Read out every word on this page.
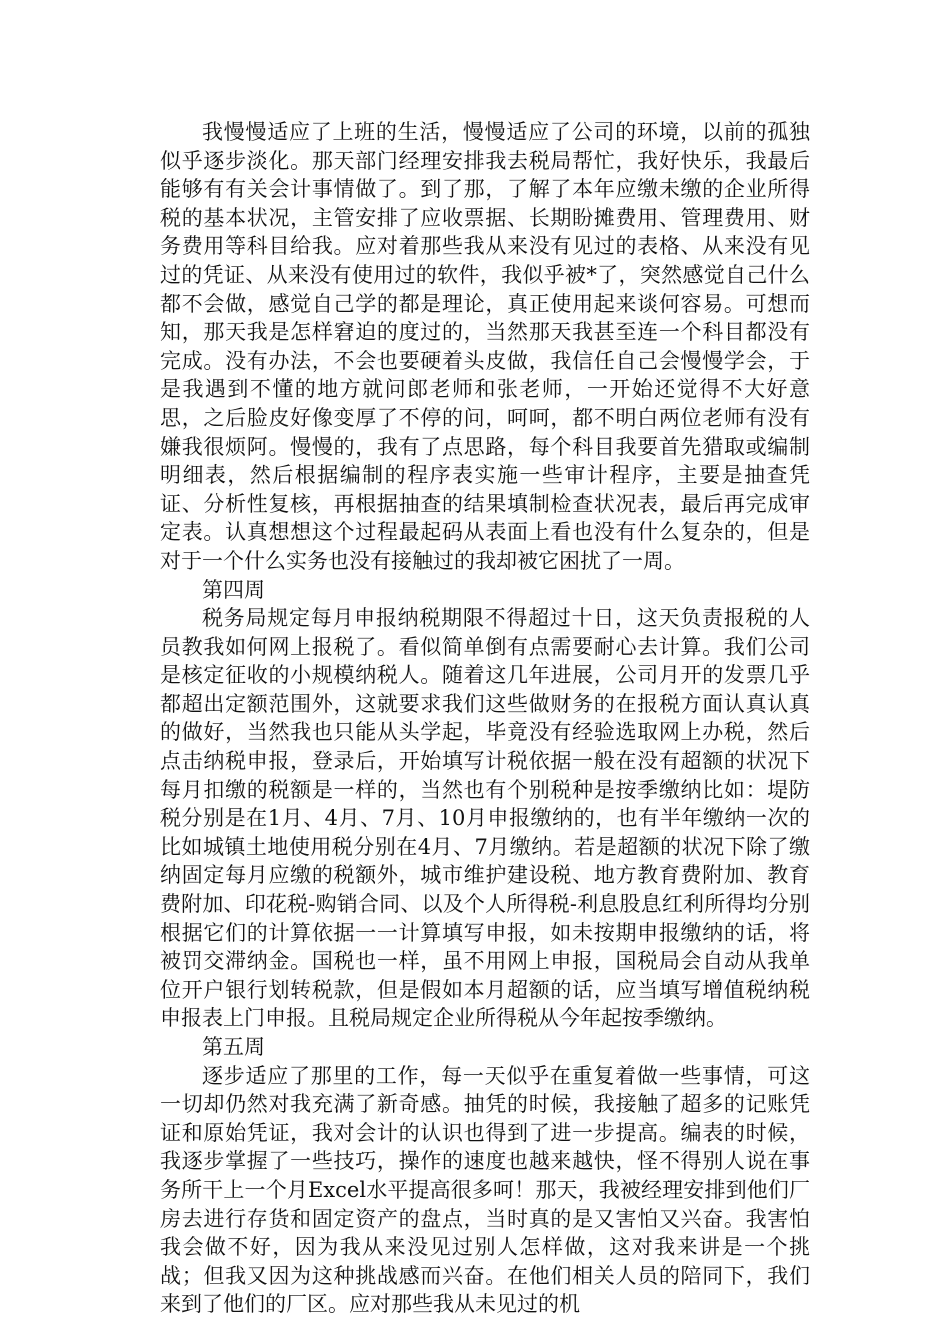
我慢慢适应了上班的生活，慢慢适应了公司的环境，以前的孤独似乎逐步淡化。那天部门经理安排我去税局帮忙，我好快乐，我最后能够有有关会计事情做了。到了那，了解了本年应缴未缴的企业所得税的基本状况，主管安排了应收票据、长期盼摊费用、管理费用、财务费用等科目给我。应对着那些我从来没有见过的表格、从来没有见过的凭证、从来没有使用过的软件，我似乎被*了，突然感觉自己什么都不会做，感觉自己学的都是理论，真正使用起来谈何容易。可想而知，那天我是怎样窘迫的度过的，当然那天我甚至连一个科目都没有完成。没有办法，不会也要硬着头皮做，我信任自己会慢慢学会，于是我遇到不懂的地方就问郎老师和张老师，一开始还觉得不大好意思，之后脸皮好像变厚了不停的问，呵呵，都不明白两位老师有没有嫌我很烦阿。慢慢的，我有了点思路，每个科目我要首先猎取或编制明细表，然后根据编制的程序表实施一些审计程序，主要是抽查凭证、分析性复核，再根据抽查的结果填制检查状况表，最后再完成审定表。认真想想这个过程最起码从表面上看也没有什么复杂的，但是对于一个什么实务也没有接触过的我却被它困扰了一周。

第四周

税务局规定每月申报纳税期限不得超过十日，这天负责报税的人员教我如何网上报税了。看似简单倒有点需要耐心去计算。我们公司是核定征收的小规模纳税人。随着这几年进展，公司月开的发票几乎都超出定额范围外，这就要求我们这些做财务的在报税方面认真认真的做好，当然我也只能从头学起，毕竟没有经验选取网上办税，然后点击纳税申报，登录后，开始填写计税依据一般在没有超额的状况下每月扣缴的税额是一样的，当然也有个别税种是按季缴纳比如：堤防税分别是在1月、4月、7月、10月申报缴纳的，也有半年缴纳一次的比如城镇土地使用税分别在4月、7月缴纳。若是超额的状况下除了缴纳固定每月应缴的税额外，城市维护建设税、地方教育费附加、教育费附加、印花税-购销合同、以及个人所得税-利息股息红利所得均分别根据它们的计算依据一一计算填写申报，如未按期申报缴纳的话，将被罚交滞纳金。国税也一样，虽不用网上申报，国税局会自动从我单位开户银行划转税款，但是假如本月超额的话，应当填写增值税纳税申报表上门申报。且税局规定企业所得税从今年起按季缴纳。

第五周

逐步适应了那里的工作，每一天似乎在重复着做一些事情，可这一切却仍然对我充满了新奇感。抽凭的时候，我接触了超多的记账凭证和原始凭证，我对会计的认识也得到了进一步提高。编表的时候，我逐步掌握了一些技巧，操作的速度也越来越快，怪不得别人说在事务所干上一个月Excel水平提高很多呵！那天，我被经理安排到他们厂房去进行存货和固定资产的盘点，当时真的是又害怕又兴奋。我害怕我会做不好，因为我从来没见过别人怎样做，这对我来讲是一个挑战；但我又因为这种挑战感而兴奋。在他们相关人员的陪同下，我们来到了他们的厂区。应对那些我从未见过的机
